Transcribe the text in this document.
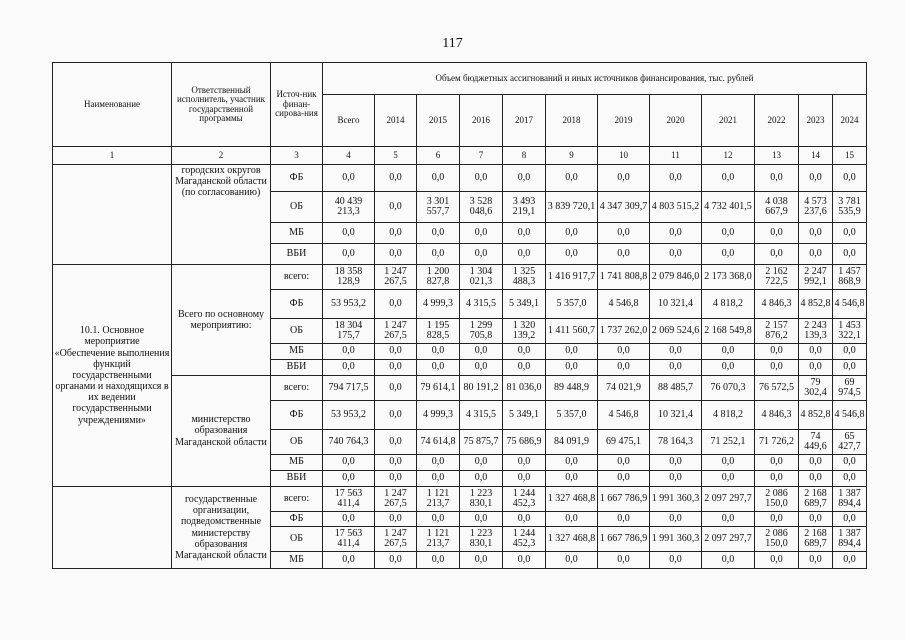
117
Наименование	Ответственный исполнитель, участник государственной программы	Источ-ник финан-сирова-ния	Объем бюджетных ассигнований и иных источников финансирования, тыс. рублей											
			Всего	2014	2015	2016	2017	2018	2019	2020	2021	2022	2023	2024
1	2	3	4	5	6	7	8	9	10	11	12	13	14	15
	городских округов Магаданской области (по согласованию)	ФБ	0,0	0,0	0,0	0,0	0,0	0,0	0,0	0,0	0,0	0,0	0,0	0,0
		ОБ	40 439 213,3	0,0	3 301 557,7	3 528 048,6	3 493 219,1	3 839 720,1	4 347 309,7	4 803 515,2	4 732 401,5	4 038 667,9	4 573 237,6	3 781 535,9
		МБ	0,0	0,0	0,0	0,0	0,0	0,0	0,0	0,0	0,0	0,0	0,0	0,0
		ВБИ	0,0	0,0	0,0	0,0	0,0	0,0	0,0	0,0	0,0	0,0	0,0	0,0
10.1. Основное мероприятие «Обеспечение выполнения функций государственными органами и находящихся в их ведении государственными учреждениями»	Всего по основному мероприятию:	всего:	18 358 128,9	1 247 267,5	1 200 827,8	1 304 021,3	1 325 488,3	1 416 917,7	1 741 808,8	2 079 846,0	2 173 368,0	2 162 722,5	2 247 992,1	1 457 868,9
		ФБ	53 953,2	0,0	4 999,3	4 315,5	5 349,1	5 357,0	4 546,8	10 321,4	4 818,2	4 846,3	4 852,8	4 546,8
		ОБ	18 304 175,7	1 247 267,5	1 195 828,5	1 299 705,8	1 320 139,2	1 411 560,7	1 737 262,0	2 069 524,6	2 168 549,8	2 157 876,2	2 243 139,3	1 453 322,1
		МБ	0,0	0,0	0,0	0,0	0,0	0,0	0,0	0,0	0,0	0,0	0,0	0,0
		ВБИ	0,0	0,0	0,0	0,0	0,0	0,0	0,0	0,0	0,0	0,0	0,0	0,0
	министерство образования Магаданской области	всего:	794 717,5	0,0	79 614,1	80 191,2	81 036,0	89 448,9	74 021,9	88 485,7	76 070,3	76 572,5	79 302,4	69 974,5
		ФБ	53 953,2	0,0	4 999,3	4 315,5	5 349,1	5 357,0	4 546,8	10 321,4	4 818,2	4 846,3	4 852,8	4 546,8
		ОБ	740 764,3	0,0	74 614,8	75 875,7	75 686,9	84 091,9	69 475,1	78 164,3	71 252,1	71 726,2	74 449,6	65 427,7
		МБ	0,0	0,0	0,0	0,0	0,0	0,0	0,0	0,0	0,0	0,0	0,0	0,0
		ВБИ	0,0	0,0	0,0	0,0	0,0	0,0	0,0	0,0	0,0	0,0	0,0	0,0
	государственные организации, подведомственные министерству образования Магаданской области	всего:	17 563 411,4	1 247 267,5	1 121 213,7	1 223 830,1	1 244 452,3	1 327 468,8	1 667 786,9	1 991 360,3	2 097 297,7	2 086 150,0	2 168 689,7	1 387 894,4
		ФБ	0,0	0,0	0,0	0,0	0,0	0,0	0,0	0,0	0,0	0,0	0,0	0,0
		ОБ	17 563 411,4	1 247 267,5	1 121 213,7	1 223 830,1	1 244 452,3	1 327 468,8	1 667 786,9	1 991 360,3	2 097 297,7	2 086 150,0	2 168 689,7	1 387 894,4
		МБ	0,0	0,0	0,0	0,0	0,0	0,0	0,0	0,0	0,0	0,0	0,0	0,0
